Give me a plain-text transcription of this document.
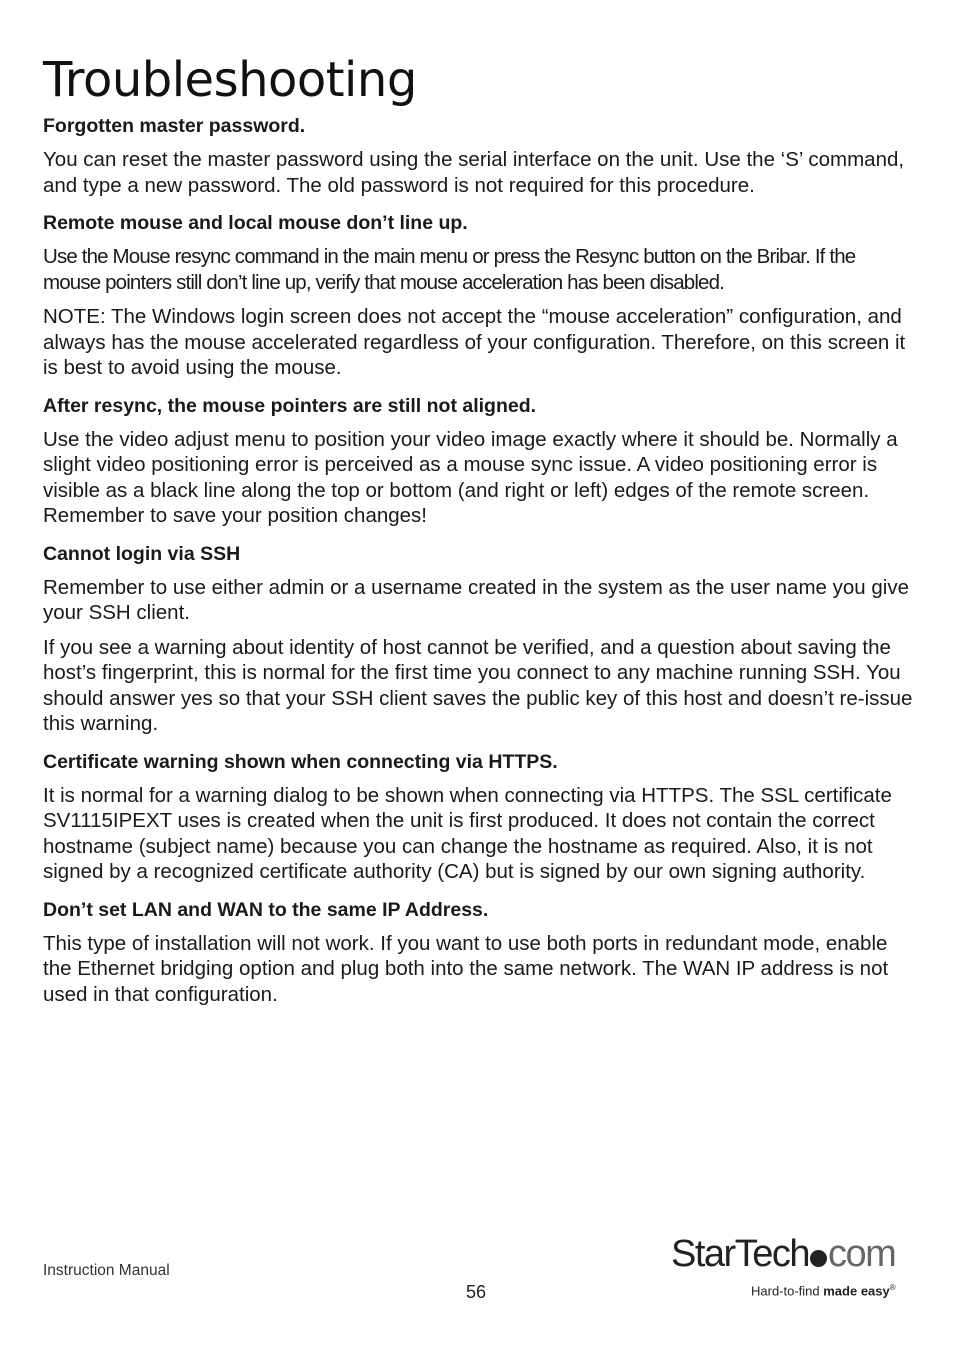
Troubleshooting
Forgotten master password.

You can reset the master password using the serial interface on the unit. Use the ‘S’ command, and type a new password. The old password is not required for this procedure.

Remote mouse and local mouse don’t line up.

Use the Mouse resync command in the main menu or press the Resync button on the Bribar. If the mouse pointers still don’t line up, verify that mouse acceleration has been disabled.

NOTE: The Windows login screen does not accept the “mouse acceleration” configuration, and always has the mouse accelerated regardless of your configuration. Therefore, on this screen it is best to avoid using the mouse.

After resync, the mouse pointers are still not aligned.

Use the video adjust menu to position your video image exactly where it should be. Normally a slight video positioning error is perceived as a mouse sync issue. A video positioning error is visible as a black line along the top or bottom (and right or left) edges of the remote screen. Remember to save your position changes!

Cannot login via SSH

Remember to use either admin or a username created in the system as the user name you give your SSH client.

If you see a warning about identity of host cannot be verified, and a question about saving the host’s fingerprint, this is normal for the first time you connect to any machine running SSH. You should answer yes so that your SSH client saves the public key of this host and doesn’t re-issue this warning.

Certificate warning shown when connecting via HTTPS.

It is normal for a warning dialog to be shown when connecting via HTTPS. The SSL certificate SV1115IPEXT uses is created when the unit is first produced. It does not contain the correct hostname (subject name) because you can change the hostname as required. Also, it is not signed by a recognized certificate authority (CA) but is signed by our own signing authority.

Don’t set LAN and WAN to the same IP Address.

This type of installation will not work. If you want to use both ports in redundant mode, enable the Ethernet bridging option and plug both into the same network. The WAN IP address is not used in that configuration.

Instruction Manual
56
StarTech com
Hard-to-find made easy®
